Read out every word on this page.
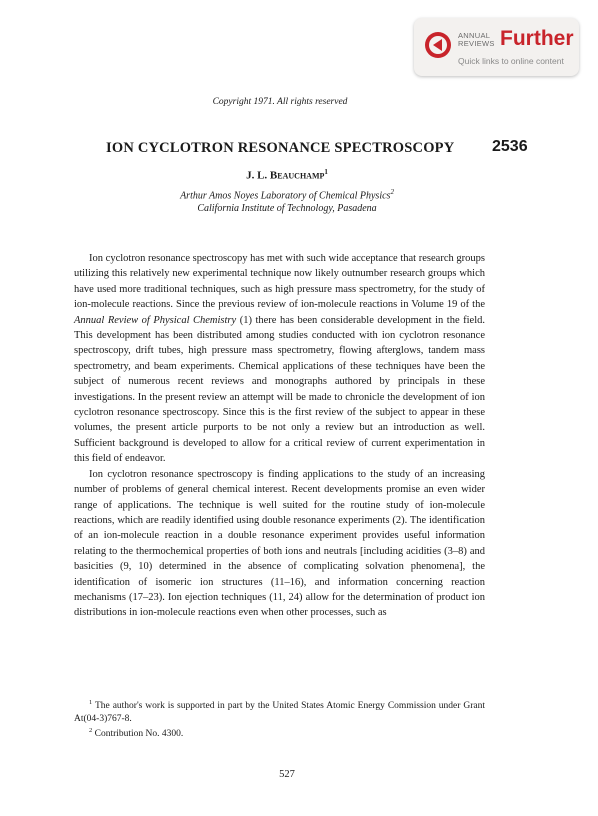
ANNUAL
REVIEWS Further
Quick links to online content
Copyright 1971. All rights reserved
ION CYCLOTRON RESONANCE SPECTROSCOPY 2536
J. L. Beauchamp$^1$
Arthur Amos Noyes Laboratory of Chemical Physics$^2$
California Institute of Technology, Pasadena

Ion cyclotron resonance spectroscopy has met with such wide acceptance that research groups utilizing this relatively new experimental technique now likely outnumber research groups which have used more traditional techniques, such as high pressure mass spectrometry, for the study of ion-molecule reactions. Since the previous review of ion-molecule reactions in Volume 19 of the Annual Review of Physical Chemistry (1) there has been considerable development in the field. This development has been distributed among studies conducted with ion cyclotron resonance spectroscopy, drift tubes, high pressure mass spectrometry, flowing afterglows, tandem mass spectrometry, and beam experiments. Chemical applications of these techniques have been the subject of numerous recent reviews and monographs authored by principals in these investigations. In the present review an attempt will be made to chronicle the development of ion cyclotron resonance spectroscopy. Since this is the first review of the subject to appear in these volumes, the present article purports to be not only a review but an introduction as well. Sufficient background is developed to allow for a critical review of current experimentation in this field of endeavor.

Ion cyclotron resonance spectroscopy is finding applications to the study of an increasing number of problems of general chemical interest. Recent developments promise an even wider range of applications. The technique is well suited for the routine study of ion-molecule reactions, which are readily identified using double resonance experiments (2). The identification of an ion-molecule reaction in a double resonance experiment provides useful information relating to the thermochemical properties of both ions and neutrals [including acidities (3–8) and basicities (9, 10) determined in the absence of complicating solvation phenomena], the identification of isomeric ion structures (11–16), and information concerning reaction mechanisms (17–23). Ion ejection techniques (11, 24) allow for the determination of product ion distributions in ion-molecule reactions even when other processes, such as

$^1$ The author's work is supported in part by the United States Atomic Energy Commission under Grant At(04-3)767-8.

$^2$ Contribution No. 4300.

527
